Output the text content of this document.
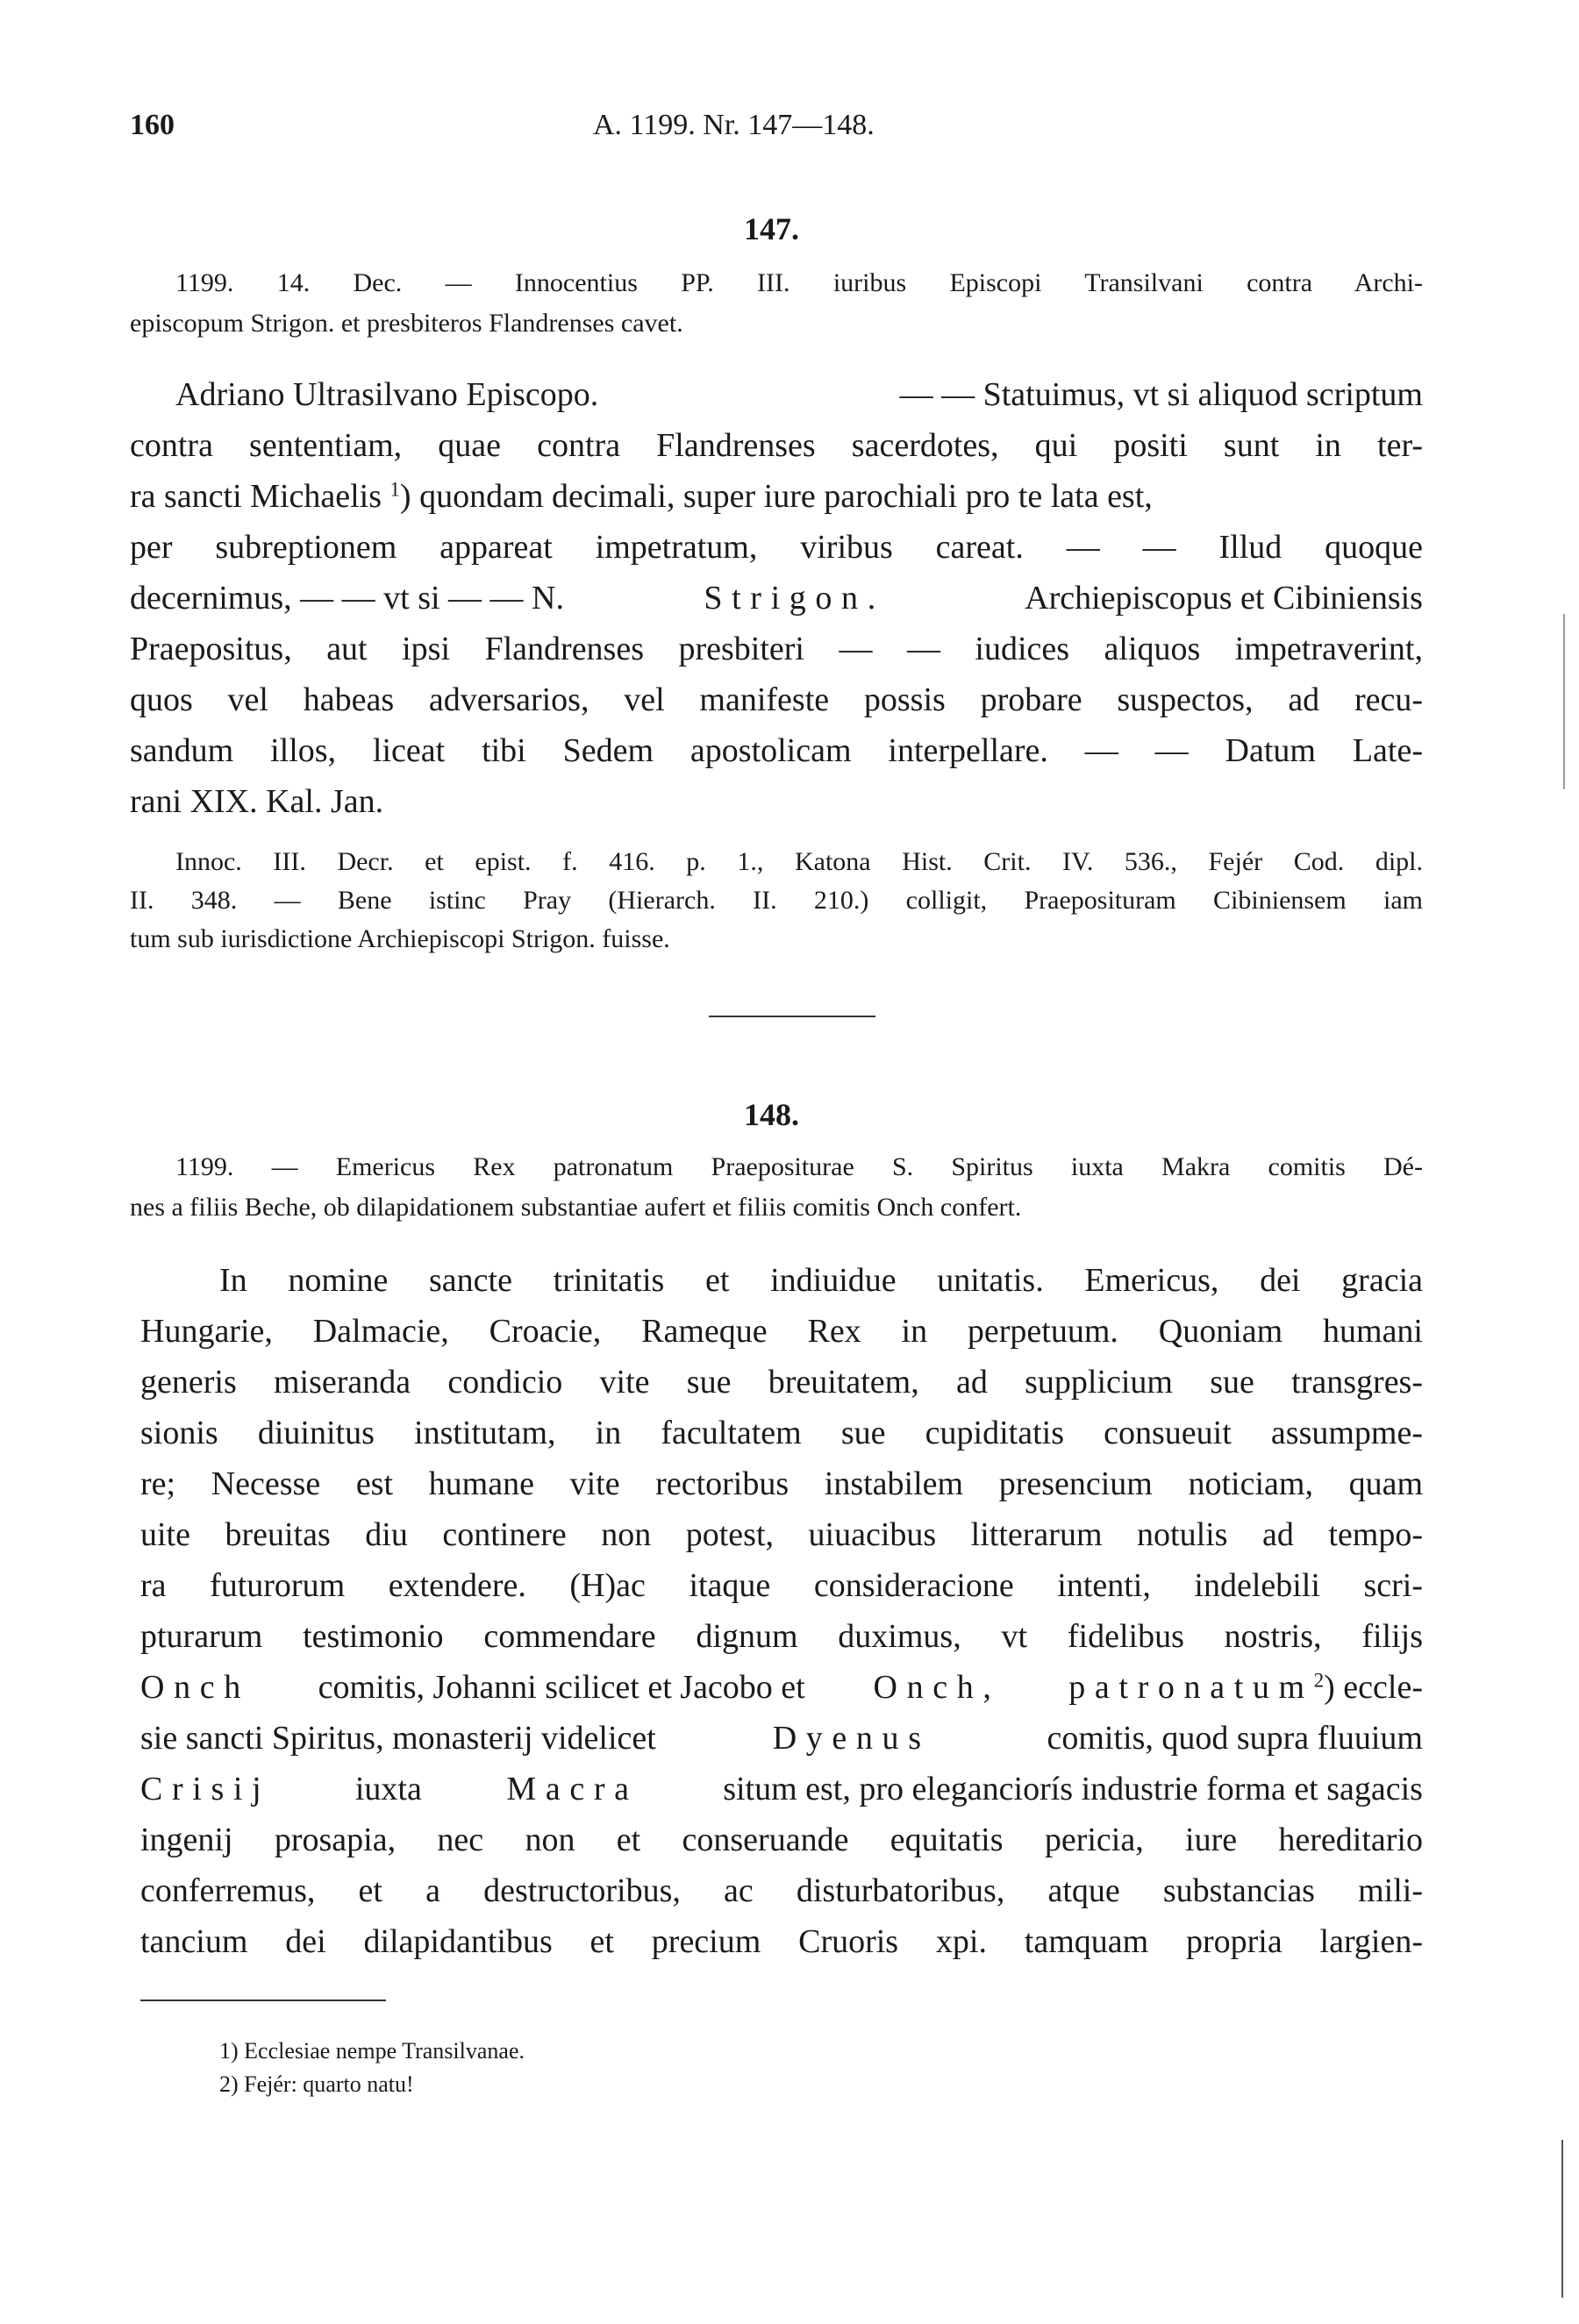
160	A. 1199. Nr. 147—148.
147.
1199. 14. Dec. — Innocentius PP. III. iuribus Episcopi Transilvani contra Archi-
episcopum Strigon. et presbiteros Flandrenses cavet.
Adriano Ultrasilvano Episcopo.	— — Statuimus, vt si aliquod scriptum
contra sententiam, quae contra Flandrenses sacerdotes, qui positi sunt in ter-
ra sancti Michaelis $^1$) quondam decimali, super iure parochiali pro te lata est,
per subreptionem appareat impetratum, viribus careat. — — Illud quoque
decernimus, — — vt si — — N.	Strigon.	Archiepiscopus et Cibiniensis
Praepositus, aut ipsi Flandrenses presbiteri — — iudices aliquos impetraverint,
quos vel habeas adversarios, vel manifeste possis probare suspectos, ad recu-
sandum illos, liceat tibi Sedem apostolicam interpellare. — — Datum Late-
rani XIX. Kal. Jan.
Innoc. III. Decr. et epist. f. 416. p. 1., Katona Hist. Crit. IV. 536., Fejér Cod. dipl.
II. 348. — Bene istinc Pray (Hierarch. II. 210.) colligit, Praeposituram Cibiniensem iam
tum sub iurisdictione Archiepiscopi Strigon. fuisse.
148.
1199. — Emericus Rex patronatum Praepositurae S. Spiritus iuxta Makra comitis Dé-
nes a filiis Beche, ob dilapidationem substantiae aufert et filiis comitis Onch confert.
In nomine sancte trinitatis et indiuidue unitatis. Emericus, dei gracia
Hungarie, Dalmacie, Croacie, Rameque Rex in perpetuum. Quoniam humani
generis miseranda condicio vite sue breuitatem, ad supplicium sue transgres-
sionis diuinitus institutam, in facultatem sue cupiditatis consueuit assumpme-
re; Necesse est humane vite rectoribus instabilem presencium noticiam, quam
uite breuitas diu continere non potest, uiuacibus litterarum notulis ad tempo-
ra futurorum extendere. (H)ac itaque consideracione intenti, indelebili scri-
pturarum testimonio commendare dignum duximus, vt fidelibus nostris, filijs
Onch comitis, Johanni scilicet et Jacobo et Onch, patronatum$^2$) eccle-
sie sancti Spiritus, monasterij videlicet	Dyenus	comitis, quod supra fluuium
Crisij	iuxta	Macra	situm est, pro eleganciorís industrie forma et sagacis
ingenij prosapia, nec non et conseruande equitatis pericia, iure hereditario
conferremus, et a destructoribus, ac disturbatoribus, atque substancias mili-
tancium dei dilapidantibus et precium Cruoris xpi. tamquam propria largien-
1) Ecclesiae nempe Transilvanae.
2) Fejér: quarto natu!
